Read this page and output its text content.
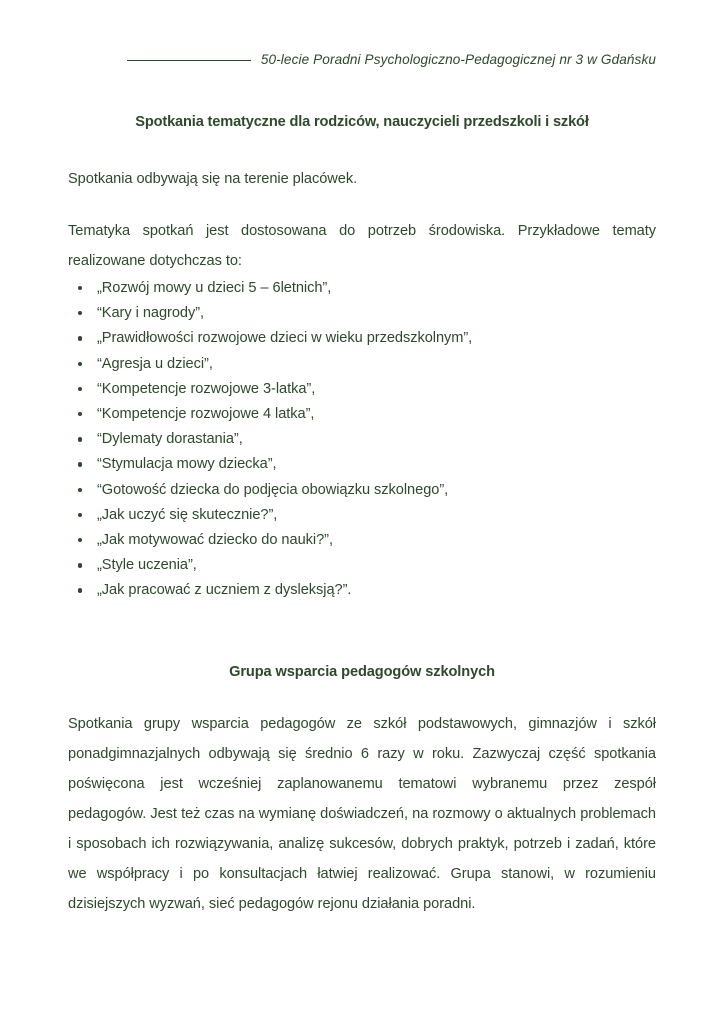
50-lecie Poradni Psychologiczno-Pedagogicznej nr 3 w Gdańsku
Spotkania tematyczne dla rodziców, nauczycieli przedszkoli i szkół

Spotkania odbywają się na terenie placówek.

Tematyka spotkań jest dostosowana do potrzeb środowiska. Przykładowe tematy realizowane dotychczas to:

„Rozwój mowy u dzieci 5 – 6letnich”,
“Kary i nagrody”,
„Prawidłowości rozwojowe dzieci w wieku przedszkolnym”,
“Agresja u dzieci”,
“Kompetencje rozwojowe 3-latka”,
“Kompetencje rozwojowe 4 latka”,
“Dylematy dorastania”,
“Stymulacja mowy dziecka”,
“Gotowość dziecka do podjęcia obowiązku szkolnego”,
„Jak uczyć się skutecznie?”,
„Jak motywować dziecko do nauki?”,
„Style uczenia”,
„Jak pracować z uczniem z dysleksją?”.
Grupa wsparcia pedagogów szkolnych

Spotkania grupy wsparcia pedagogów ze szkół podstawowych, gimnazjów i szkół ponadgimnazjalnych odbywają się średnio 6 razy w roku. Zazwyczaj część spotkania poświęcona jest wcześniej zaplanowanemu tematowi wybranemu przez zespół pedagogów. Jest też czas na wymianę doświadczeń, na rozmowy o aktualnych problemach i sposobach ich rozwiązywania, analizę sukcesów, dobrych praktyk, potrzeb i zadań, które we współpracy i po konsultacjach łatwiej realizować. Grupa stanowi, w rozumieniu dzisiejszych wyzwań, sieć pedagogów rejonu działania poradni.
